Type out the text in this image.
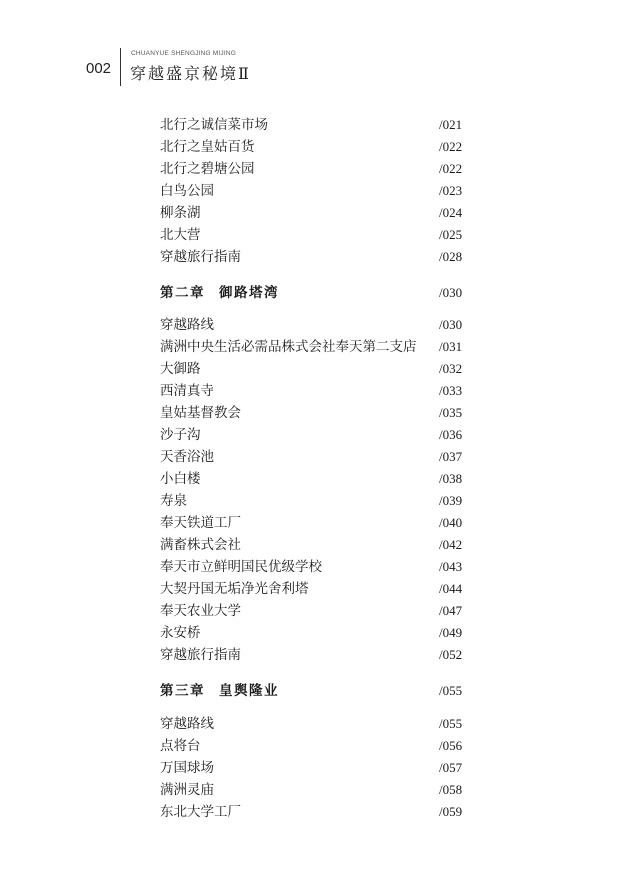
002
CHUANYUE SHENGJING MIJING
穿越盛京秘境Ⅱ
北行之诚信菜市场	/021
北行之皇姑百货	/022
北行之碧塘公园	/022
白鸟公园	/023
柳条湖	/024
北大营	/025
穿越旅行指南	/028
第二章 御路塔湾	/030
穿越路线	/030
满洲中央生活必需品株式会社奉天第二支店 /031
大御路	/032
西清真寺	/033
皇姑基督教会	/035
沙子沟	/036
天香浴池	/037
小白楼	/038
寿泉	/039
奉天铁道工厂	/040
满畜株式会社	/042
奉天市立鲜明国民优级学校	/043
大契丹国无垢净光舍利塔	/044
奉天农业大学	/047
永安桥	/049
穿越旅行指南	/052
第三章 皇舆隆业	/055
穿越路线	/055
点将台	/056
万国球场	/057
满洲灵庙	/058
东北大学工厂	/059
